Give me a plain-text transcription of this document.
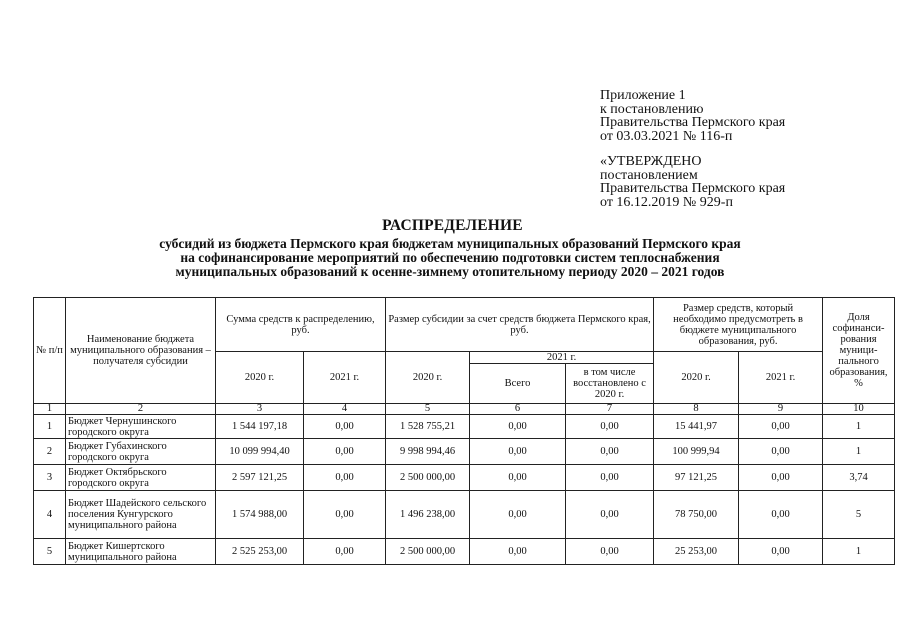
Приложение 1
к постановлению
Правительства Пермского края
от 03.03.2021 № 116-п
«УТВЕРЖДЕНО
постановлением
Правительства Пермского края
от 16.12.2019 № 929-п
РАСПРЕДЕЛЕНИЕ
субсидий из бюджета Пермского края бюджетам муниципальных образований Пермского края
на софинансирование мероприятий по обеспечению подготовки систем теплоснабжения
муниципальных образований к осенне-зимнему отопительному периоду 2020 – 2021 годов
№ п/п	Наименование бюджета муниципального образования – получателя субсидии	Сумма средств к распределению, руб.		Размер субсидии за счет средств бюджета Пермского края, руб.			Размер средств, который необходимо предусмотреть в бюджете муниципального образования, руб.		Доля софинанси-рования муници-пального образования, %
		2020 г.	2021 г.	2020 г.	2021 г.		2020 г.	2021 г.	
					Всего	в том числе восстановлено с 2020 г.			
1	2	3	4	5	6	7	8	9	10
1	Бюджет Чернушинского городского округа	1 544 197,18	0,00	1 528 755,21	0,00	0,00	15 441,97	0,00	1
2	Бюджет Губахинского городского округа	10 099 994,40	0,00	9 998 994,46	0,00	0,00	100 999,94	0,00	1
3	Бюджет Октябрьского городского округа	2 597 121,25	0,00	2 500 000,00	0,00	0,00	97 121,25	0,00	3,74
4	Бюджет Шадейского сельского поселения Кунгурского муниципального района	1 574 988,00	0,00	1 496 238,00	0,00	0,00	78 750,00	0,00	5
5	Бюджет Кишертского муниципального района	2 525 253,00	0,00	2 500 000,00	0,00	0,00	25 253,00	0,00	1
